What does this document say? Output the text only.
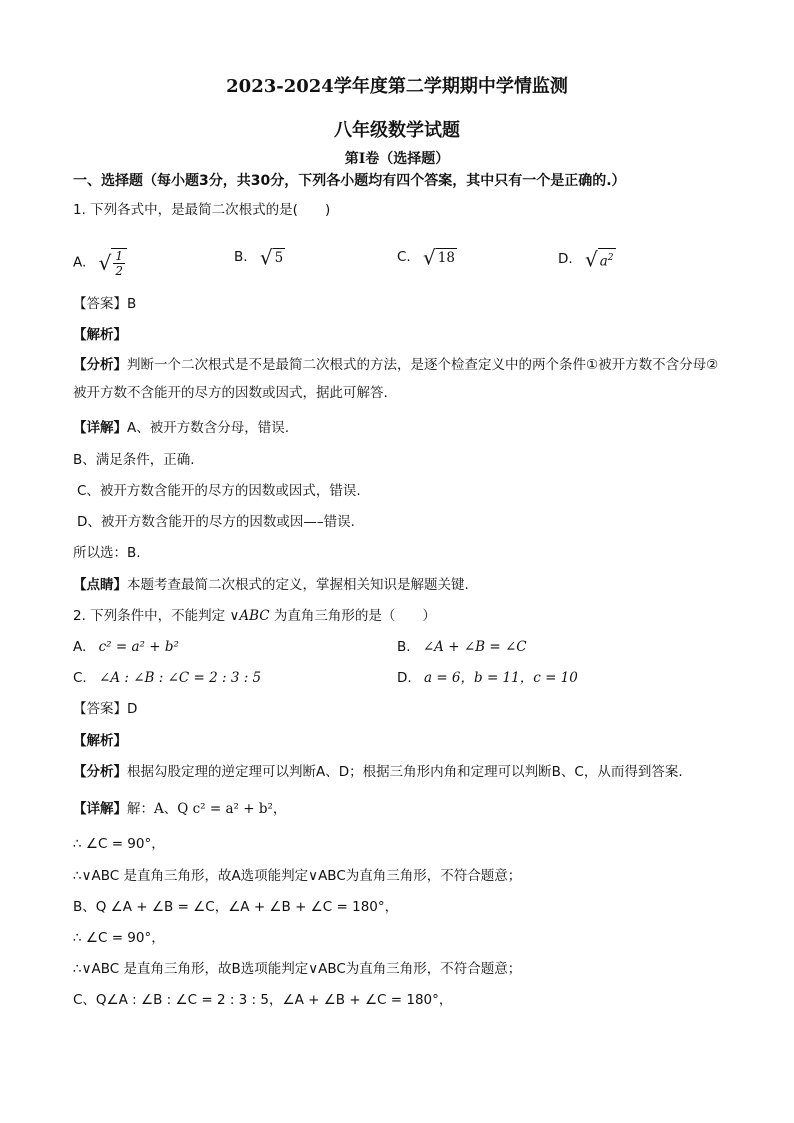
2023-2024学年度第二学期期中学情监测
八年级数学试题
第Ⅰ卷（选择题）
一、选择题（每小题3分，共30分，下列各小题均有四个答案，其中只有一个是正确的.）
1. 下列各式中，是最简二次根式的是(　　)
A. √ $\frac{1}{2}$	B. √ 5	C. √ 18	D. √ $a^2$
【答案】B
【解析】
【分析】判断一个二次根式是不是最简二次根式的方法，是逐个检查定义中的两个条件①被开方数不含分母②被开方数不含能开的尽方的因数或因式，据此可解答.
【详解】A、被开方数含分母，错误.
B、满足条件，正确.
C、被开方数含能开的尽方的因数或因式，错误.
D、被开方数含能开的尽方的因数或因—–错误.
所以选：B.
【点睛】本题考查最简二次根式的定义，掌握相关知识是解题关键.
2. 下列条件中，不能判定 ∨ABC 为直角三角形的是（　　）
A. c² = a² + b²	B. ∠A + ∠B = ∠C
C. ∠A : ∠B : ∠C = 2 : 3 : 5	D. a = 6，b = 11，c = 10
【答案】D
【解析】
【分析】根据勾股定理的逆定理可以判断A、D；根据三角形内角和定理可以判断B、C，从而得到答案.
【详解】解：A、Q c² = a² + b²，
∴ ∠C = 90°，
∴∨ABC 是直角三角形，故A选项能判定∨ABC为直角三角形，不符合题意；
B、Q ∠A + ∠B = ∠C，∠A + ∠B + ∠C = 180°，
∴ ∠C = 90°，
∴∨ABC 是直角三角形，故B选项能判定∨ABC为直角三角形，不符合题意；
C、Q∠A : ∠B : ∠C = 2 : 3 : 5，∠A + ∠B + ∠C = 180°，
